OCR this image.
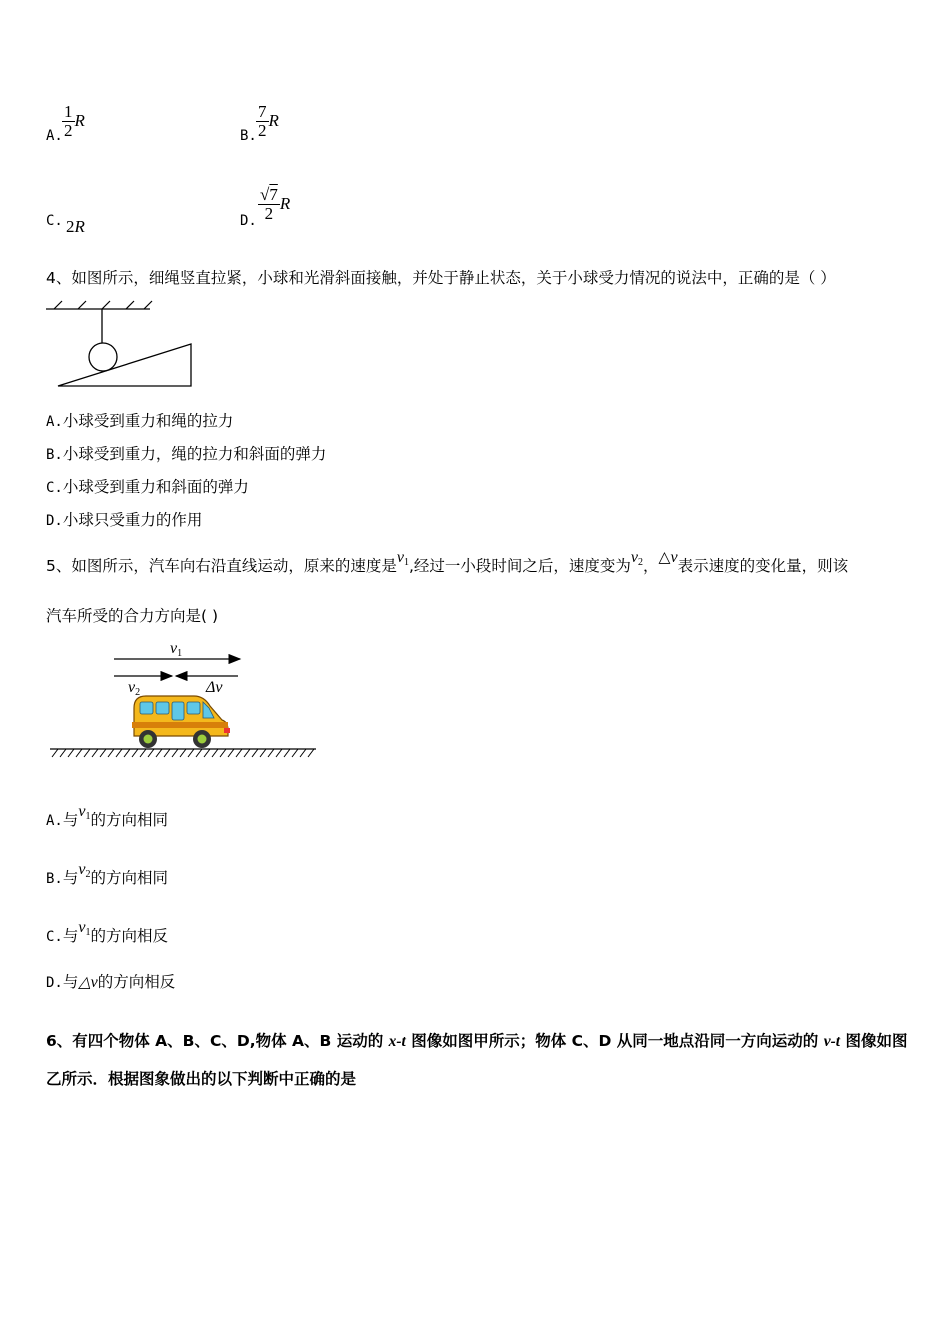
A. $\frac{1}{2}$ R
B. $\frac{7}{2}$ R
C. 2R	D. $\frac{√7}{2}$ R
4、如图所示，细绳竖直拉紧，小球和光滑斜面接触，并处于静止状态，关于小球受力情况的说法中，正确的是（ ）
A.小球受到重力和绳的拉力
B.小球受到重力，绳的拉力和斜面的弹力
C.小球受到重力和斜面的弹力
D.小球只受重力的作用
5、如图所示，汽车向右沿直线运动，原来的速度是$v_1$,经过一小段时间之后，速度变为$v_2$，△v表示速度的变化量，则该
汽车所受的合力方向是( )
v1
v2	Δv
A.与$v_1$的方向相同
B.与$v_2$的方向相同
C.与$v_1$的方向相反
D.与△v的方向相反
6、有四个物体 A、B、C、D,物体 A、B 运动的 x-t 图像如图甲所示；物体 C、D 从同一地点沿同一方向运动的 v-t 图像如图
乙所示．根据图象做出的以下判断中正确的是
